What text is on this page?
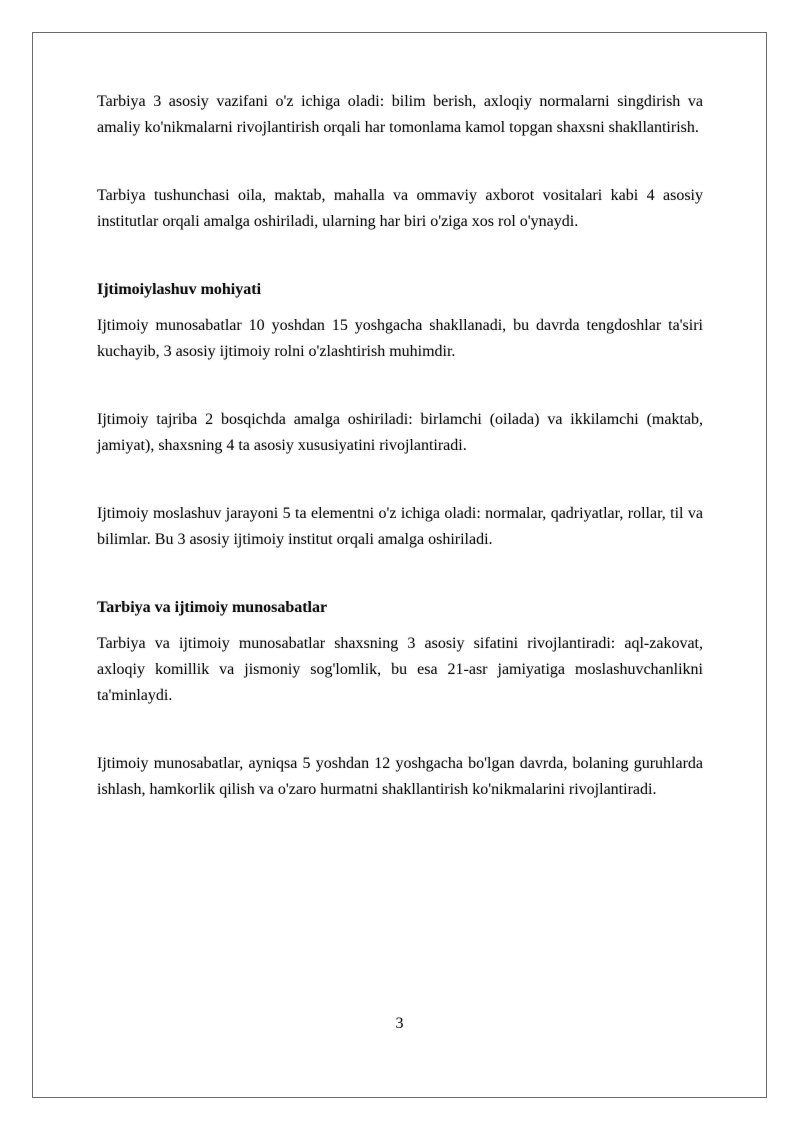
Tarbiya 3 asosiy vazifani o'z ichiga oladi: bilim berish, axloqiy normalarni singdirish va amaliy ko'nikmalarni rivojlantirish orqali har tomonlama kamol topgan shaxsni shakllantirish.

Tarbiya tushunchasi oila, maktab, mahalla va ommaviy axborot vositalari kabi 4 asosiy institutlar orqali amalga oshiriladi, ularning har biri o'ziga xos rol o'ynaydi.

Ijtimoiylashuv mohiyati

Ijtimoiy munosabatlar 10 yoshdan 15 yoshgacha shakllanadi, bu davrda tengdoshlar ta'siri kuchayib, 3 asosiy ijtimoiy rolni o'zlashtirish muhimdir.

Ijtimoiy tajriba 2 bosqichda amalga oshiriladi: birlamchi (oilada) va ikkilamchi (maktab, jamiyat), shaxsning 4 ta asosiy xususiyatini rivojlantiradi.

Ijtimoiy moslashuv jarayoni 5 ta elementni o'z ichiga oladi: normalar, qadriyatlar, rollar, til va bilimlar. Bu 3 asosiy ijtimoiy institut orqali amalga oshiriladi.

Tarbiya va ijtimoiy munosabatlar

Tarbiya va ijtimoiy munosabatlar shaxsning 3 asosiy sifatini rivojlantiradi: aql-zakovat, axloqiy komillik va jismoniy sog'lomlik, bu esa 21-asr jamiyatiga moslashuvchanlikni ta'minlaydi.

Ijtimoiy munosabatlar, ayniqsa 5 yoshdan 12 yoshgacha bo'lgan davrda, bolaning guruhlarda ishlash, hamkorlik qilish va o'zaro hurmatni shakllantirish ko'nikmalarini rivojlantiradi.

3
